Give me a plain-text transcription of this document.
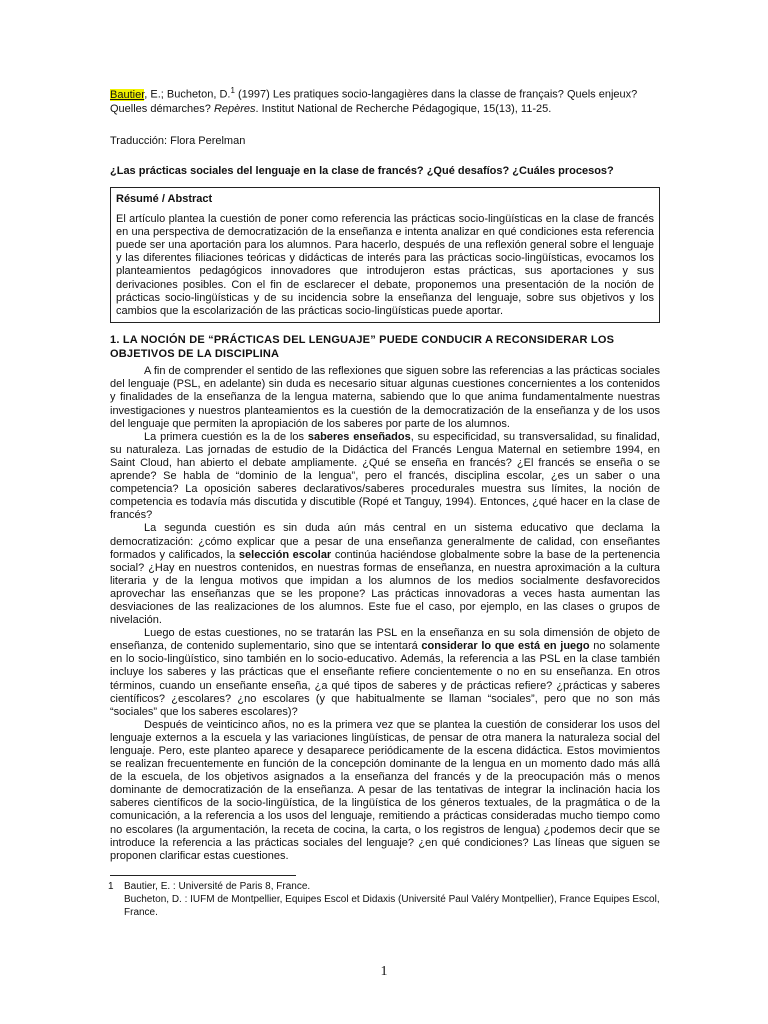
Bautier, E.; Bucheton, D.$^1$ (1997) Les pratiques socio-langagières dans la classe de français? Quels enjeux? Quelles démarches? Repères. Institut National de Recherche Pédagogique, 15(13), 11-25.
Traducción: Flora Perelman
¿Las prácticas sociales del lenguaje en la clase de francés? ¿Qué desafíos? ¿Cuáles procesos?
Résumé / Abstract
El artículo plantea la cuestión de poner como referencia las prácticas socio-lingüísticas en la clase de francés en una perspectiva de democratización de la enseñanza e intenta analizar en qué condiciones esta referencia puede ser una aportación para los alumnos. Para hacerlo, después de una reflexión general sobre el lenguaje y las diferentes filiaciones teóricas y didácticas de interés para las prácticas socio-lingüísticas, evocamos los planteamientos pedagógicos innovadores que introdujeron estas prácticas, sus aportaciones y sus derivaciones posibles. Con el fin de esclarecer el debate, proponemos una presentación de la noción de prácticas socio-lingüísticas y de su incidencia sobre la enseñanza del lenguaje, sobre sus objetivos y los cambios que la escolarización de las prácticas socio-lingüísticas puede aportar.
1. LA NOCIÓN DE “PRÁCTICAS DEL LENGUAJE” PUEDE CONDUCIR A RECONSIDERAR LOS OBJETIVOS DE LA DISCIPLINA

A fin de comprender el sentido de las reflexiones que siguen sobre las referencias a las prácticas sociales del lenguaje (PSL, en adelante) sin duda es necesario situar algunas cuestiones concernientes a los contenidos y finalidades de la enseñanza de la lengua materna, sabiendo que lo que anima fundamentalmente nuestras investigaciones y nuestros planteamientos es la cuestión de la democratización de la enseñanza y de los usos del lenguaje que permiten la apropiación de los saberes por parte de los alumnos.

La primera cuestión es la de los saberes enseñados, su especificidad, su transversalidad, su finalidad, su naturaleza. Las jornadas de estudio de la Didáctica del Francés Lengua Maternal en setiembre 1994, en Saint Cloud, han abierto el debate ampliamente. ¿Qué se enseña en francés? ¿El francés se enseña o se aprende? Se habla de “dominio de la lengua”, pero el francés, disciplina escolar, ¿es un saber o una competencia? La oposición saberes declarativos/saberes procedurales muestra sus límites, la noción de competencia es todavía más discutida y discutible (Ropé et Tanguy, 1994). Entonces, ¿qué hacer en la clase de francés?

La segunda cuestión es sin duda aún más central en un sistema educativo que declama la democratización: ¿cómo explicar que a pesar de una enseñanza generalmente de calidad, con enseñantes formados y calificados, la selección escolar continúa haciéndose globalmente sobre la base de la pertenencia social? ¿Hay en nuestros contenidos, en nuestras formas de enseñanza, en nuestra aproximación a la cultura literaria y de la lengua motivos que impidan a los alumnos de los medios socialmente desfavorecidos aprovechar las enseñanzas que se les propone? Las prácticas innovadoras a veces hasta aumentan las desviaciones de las realizaciones de los alumnos. Este fue el caso, por ejemplo, en las clases o grupos de nivelación.

Luego de estas cuestiones, no se tratarán las PSL en la enseñanza en su sola dimensión de objeto de enseñanza, de contenido suplementario, sino que se intentará considerar lo que está en juego no solamente en lo socio-lingüístico, sino también en lo socio-educativo. Además, la referencia a las PSL en la clase también incluye los saberes y las prácticas que el enseñante refiere concientemente o no en su enseñanza. En otros términos, cuando un enseñante enseña, ¿a qué tipos de saberes y de prácticas refiere? ¿prácticas y saberes científicos? ¿escolares? ¿no escolares (y que habitualmente se llaman “sociales”, pero que no son más “sociales” que los saberes escolares)?

Después de veinticinco años, no es la primera vez que se plantea la cuestión de considerar los usos del lenguaje externos a la escuela y las variaciones lingüísticas, de pensar de otra manera la naturaleza social del lenguaje. Pero, este planteo aparece y desaparece periódicamente de la escena didáctica. Estos movimientos se realizan frecuentemente en función de la concepción dominante de la lengua en un momento dado más allá de la escuela, de los objetivos asignados a la enseñanza del francés y de la preocupación más o menos dominante de democratización de la enseñanza. A pesar de las tentativas de integrar la inclinación hacia los saberes científicos de la socio-lingüística, de la lingüística de los géneros textuales, de la pragmática o de la comunicación, a la referencia a los usos del lenguaje, remitiendo a prácticas consideradas mucho tiempo como no escolares (la argumentación, la receta de cocina, la carta, o los registros de lengua) ¿podemos decir que se introduce la referencia a las prácticas sociales del lenguaje? ¿en qué condiciones? Las líneas que siguen se proponen clarificar estas cuestiones.

1 Bautier, E. : Université de Paris 8, France.
Bucheton, D. : IUFM de Montpellier, Equipes Escol et Didaxis (Université Paul Valéry Montpellier), France Equipes Escol, France.
1
